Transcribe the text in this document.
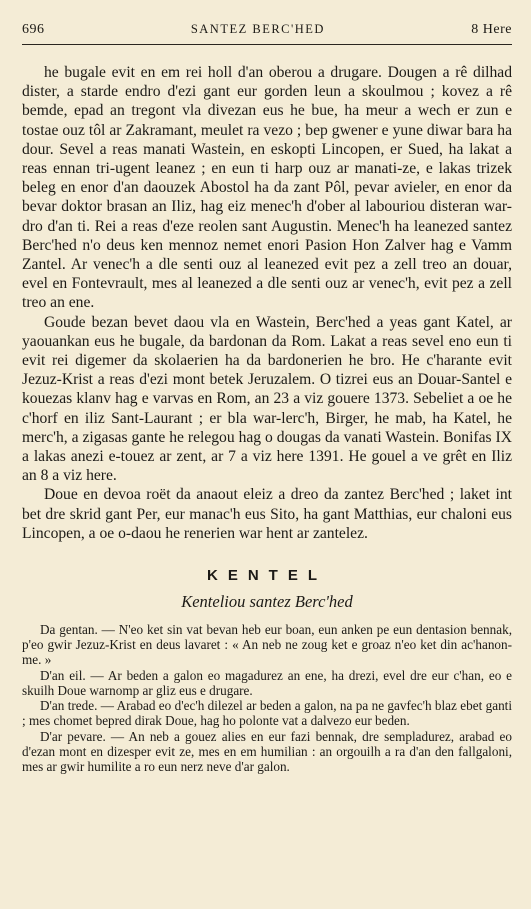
696	SANTEZ BERC'HED	8 Here

he bugale evit en em rei holl d'an oberou a drugare. Dougen a rê dilhad dister, a starde endro d'ezi gant eur gorden leun a skoulmou ; kovez a rê bemde, epad an tregont vla divezan eus he bue, ha meur a wech er zun e tostae ouz tôl ar Zakramant, meulet ra vezo ; bep gwener e yune diwar bara ha dour. Sevel a reas manati Wastein, en eskopti Lincopen, er Sued, ha lakat a reas ennan tri-ugent leanez ; en eun ti harp ouz ar manati-ze, e lakas trizek beleg en enor d'an daouzek Abostol ha da zant Pôl, pevar avieler, en enor da bevar doktor brasan an Iliz, hag eiz menec'h d'ober al labouriou disteran war-dro d'an ti. Rei a reas d'eze reolen sant Augustin. Menec'h ha leanezed santez Berc'hed n'o deus ken mennoz nemet enori Pasion Hon Zalver hag e Vamm Zantel. Ar venec'h a dle senti ouz al leanezed evit pez a zell treo an douar, evel en Fontevrault, mes al leanezed a dle senti ouz ar venec'h, evit pez a zell treo an ene.

Goude bezan bevet daou vla en Wastein, Berc'hed a yeas gant Katel, ar yaouankan eus he bugale, da bardonan da Rom. Lakat a reas sevel eno eun ti evit rei digemer da skolaerien ha da bardonerien he bro. He c'harante evit Jezuz-Krist a reas d'ezi mont betek Jeruzalem. O tizrei eus an Douar-Santel e kouezas klanv hag e varvas en Rom, an 23 a viz gouere 1373. Sebeliet a oe he c'horf en iliz Sant-Laurant ; er bla war-lerc'h, Birger, he mab, ha Katel, he merc'h, a zigasas gante he relegou hag o dougas da vanati Wastein. Bonifas IX a lakas anezi e-touez ar zent, ar 7 a viz here 1391. He gouel a ve grêt en Iliz an 8 a viz here.

Doue en devoa roët da anaout eleiz a dreo da zantez Berc'hed ; laket int bet dre skrid gant Per, eur manac'h eus Sito, ha gant Matthias, eur chaloni eus Lincopen, a oe o-daou he renerien war hent ar zantelez.

KENTEL
Kenteliou santez Berc'hed

Da gentan. — N'eo ket sin vat bevan heb eur boan, eun anken pe eun dentasion bennak, p'eo gwir Jezuz-Krist en deus lavaret : « An neb ne zoug ket e groaz n'eo ket din ac'hanon-me. »

D'an eil. — Ar beden a galon eo magadurez an ene, ha drezi, evel dre eur c'han, eo e skuilh Doue warnomp ar gliz eus e drugare.

D'an trede. — Arabad eo d'ec'h dilezel ar beden a galon, na pa ne gavfec'h blaz ebet ganti ; mes chomet bepred dirak Doue, hag ho polonte vat a dalvezo eur beden.

D'ar pevare. — An neb a gouez alies en eur fazi bennak, dre sempladurez, arabad eo d'ezan mont en dizesper evit ze, mes en em humilian : an orgouilh a ra d'an den fallgaloni, mes ar gwir humilite a ro eun nerz neve d'ar galon.
